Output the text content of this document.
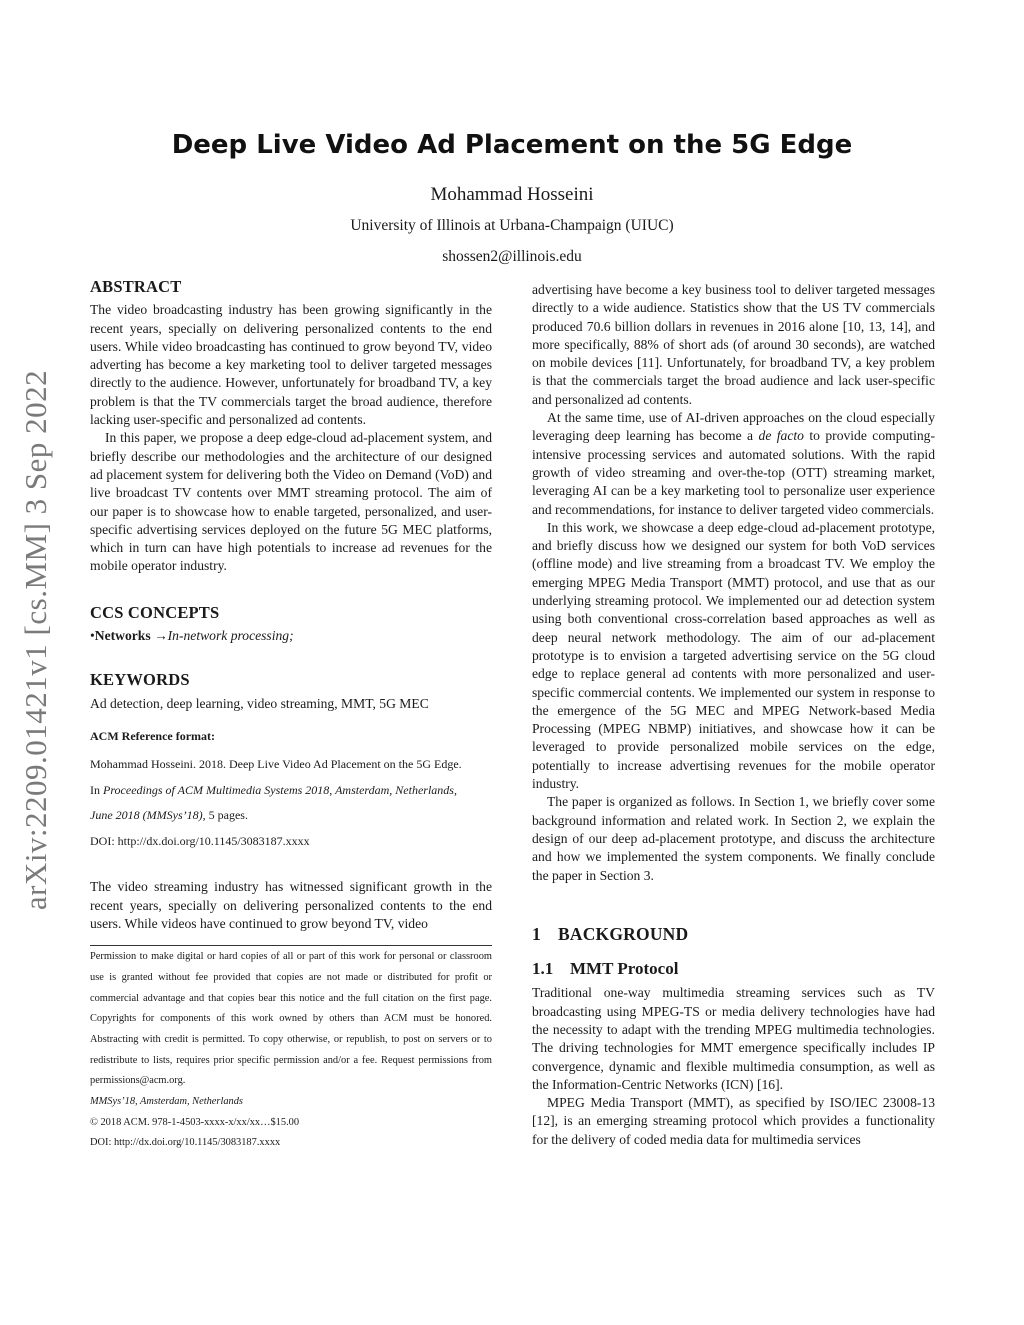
arXiv:2209.01421v1 [cs.MM] 3 Sep 2022
Deep Live Video Ad Placement on the 5G Edge
Mohammad Hosseini
University of Illinois at Urbana-Champaign (UIUC)
shossen2@illinois.edu
ABSTRACT

The video broadcasting industry has been growing significantly in the recent years, specially on delivering personalized contents to the end users. While video broadcasting has continued to grow beyond TV, video adverting has become a key marketing tool to deliver targeted messages directly to the audience. However, unfortunately for broadband TV, a key problem is that the TV commercials target the broad audience, therefore lacking user-specific and personalized ad contents.

In this paper, we propose a deep edge-cloud ad-placement system, and briefly describe our methodologies and the architecture of our designed ad placement system for delivering both the Video on Demand (VoD) and live broadcast TV contents over MMT streaming protocol. The aim of our paper is to showcase how to enable targeted, personalized, and user-specific advertising services deployed on the future 5G MEC platforms, which in turn can have high potentials to increase ad revenues for the mobile operator industry.

CCS CONCEPTS

•Networks →In-network processing;

KEYWORDS

Ad detection, deep learning, video streaming, MMT, 5G MEC

ACM Reference format:

Mohammad Hosseini. 2018. Deep Live Video Ad Placement on the 5G Edge.

In Proceedings of ACM Multimedia Systems 2018, Amsterdam, Netherlands,

June 2018 (MMSys’18), 5 pages.

DOI: http://dx.doi.org/10.1145/3083187.xxxx

The video streaming industry has witnessed significant growth in the recent years, specially on delivering personalized contents to the end users. While videos have continued to grow beyond TV, video

Permission to make digital or hard copies of all or part of this work for personal or classroom use is granted without fee provided that copies are not made or distributed for profit or commercial advantage and that copies bear this notice and the full citation on the first page. Copyrights for components of this work owned by others than ACM must be honored. Abstracting with credit is permitted. To copy otherwise, or republish, to post on servers or to redistribute to lists, requires prior specific permission and/or a fee. Request permissions from permissions@acm.org.

MMSys’18, Amsterdam, Netherlands

© 2018 ACM. 978-1-4503-xxxx-x/xx/xx…$15.00

DOI: http://dx.doi.org/10.1145/3083187.xxxx

advertising have become a key business tool to deliver targeted messages directly to a wide audience. Statistics show that the US TV commercials produced 70.6 billion dollars in revenues in 2016 alone [10, 13, 14], and more specifically, 88% of short ads (of around 30 seconds), are watched on mobile devices [11]. Unfortunately, for broadband TV, a key problem is that the commercials target the broad audience and lack user-specific and personalized ad contents.

At the same time, use of AI-driven approaches on the cloud especially leveraging deep learning has become a de facto to provide computing-intensive processing services and automated solutions. With the rapid growth of video streaming and over-the-top (OTT) streaming market, leveraging AI can be a key marketing tool to personalize user experience and recommendations, for instance to deliver targeted video commercials.

In this work, we showcase a deep edge-cloud ad-placement prototype, and briefly discuss how we designed our system for both VoD services (offline mode) and live streaming from a broadcast TV. We employ the emerging MPEG Media Transport (MMT) protocol, and use that as our underlying streaming protocol. We implemented our ad detection system using both conventional cross-correlation based approaches as well as deep neural network methodology. The aim of our ad-placement prototype is to envision a targeted advertising service on the 5G cloud edge to replace general ad contents with more personalized and user-specific commercial contents. We implemented our system in response to the emergence of the 5G MEC and MPEG Network-based Media Processing (MPEG NBMP) initiatives, and showcase how it can be leveraged to provide personalized mobile services on the edge, potentially to increase advertising revenues for the mobile operator industry.

The paper is organized as follows. In Section 1, we briefly cover some background information and related work. In Section 2, we explain the design of our deep ad-placement prototype, and discuss the architecture and how we implemented the system components. We finally conclude the paper in Section 3.

1 BACKGROUND
1.1 MMT Protocol

Traditional one-way multimedia streaming services such as TV broadcasting using MPEG-TS or media delivery technologies have had the necessity to adapt with the trending MPEG multimedia technologies. The driving technologies for MMT emergence specifically includes IP convergence, dynamic and flexible multimedia consumption, as well as the Information-Centric Networks (ICN) [16].

MPEG Media Transport (MMT), as specified by ISO/IEC 23008-13 [12], is an emerging streaming protocol which provides a functionality for the delivery of coded media data for multimedia services
